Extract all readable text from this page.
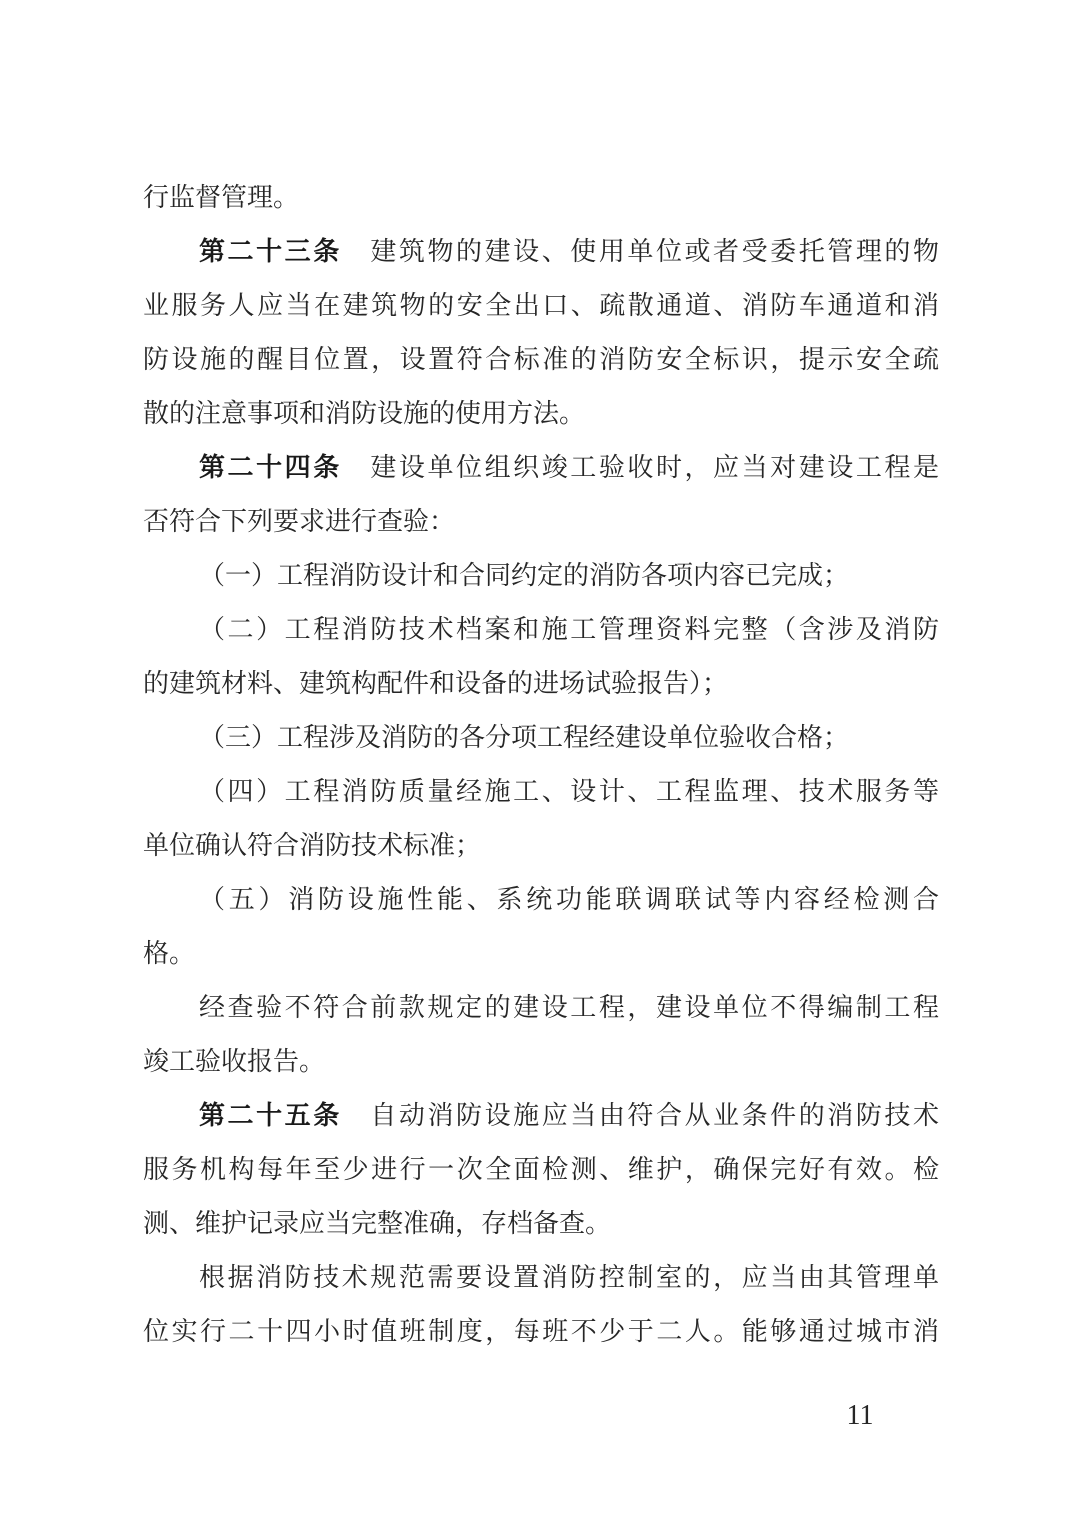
行监督管理。
第二十三条　 建筑物的建设、使用单位或者受委托管理的物
业服务人应当在建筑物的安全出口、疏散通道、消防车通道和消
防设施的醒目位置，设置符合标准的消防安全标识，提示安全疏
散的注意事项和消防设施的使用方法。
第二十四条　 建设单位组织竣工验收时，应当对建设工程是
否符合下列要求进行查验：
（一）工程消防设计和合同约定的消防各项内容已完成；
（二）工程消防技术档案和施工管理资料完整（含涉及消防
的建筑材料、建筑构配件和设备的进场试验报告）；
（三）工程涉及消防的各分项工程经建设单位验收合格；
（四）工程消防质量经施工、设计、工程监理、技术服务等
单位确认符合消防技术标准；
（五）消防设施性能、系统功能联调联试等内容经检测合
格。
经查验不符合前款规定的建设工程，建设单位不得编制工程
竣工验收报告。
第二十五条　 自动消防设施应当由符合从业条件的消防技术
服务机构每年至少进行一次全面检测、维护，确保完好有效。检
测、维护记录应当完整准确，存档备查。
根据消防技术规范需要设置消防控制室的，应当由其管理单
位实行二十四小时值班制度，每班不少于二人。能够通过城市消
11
